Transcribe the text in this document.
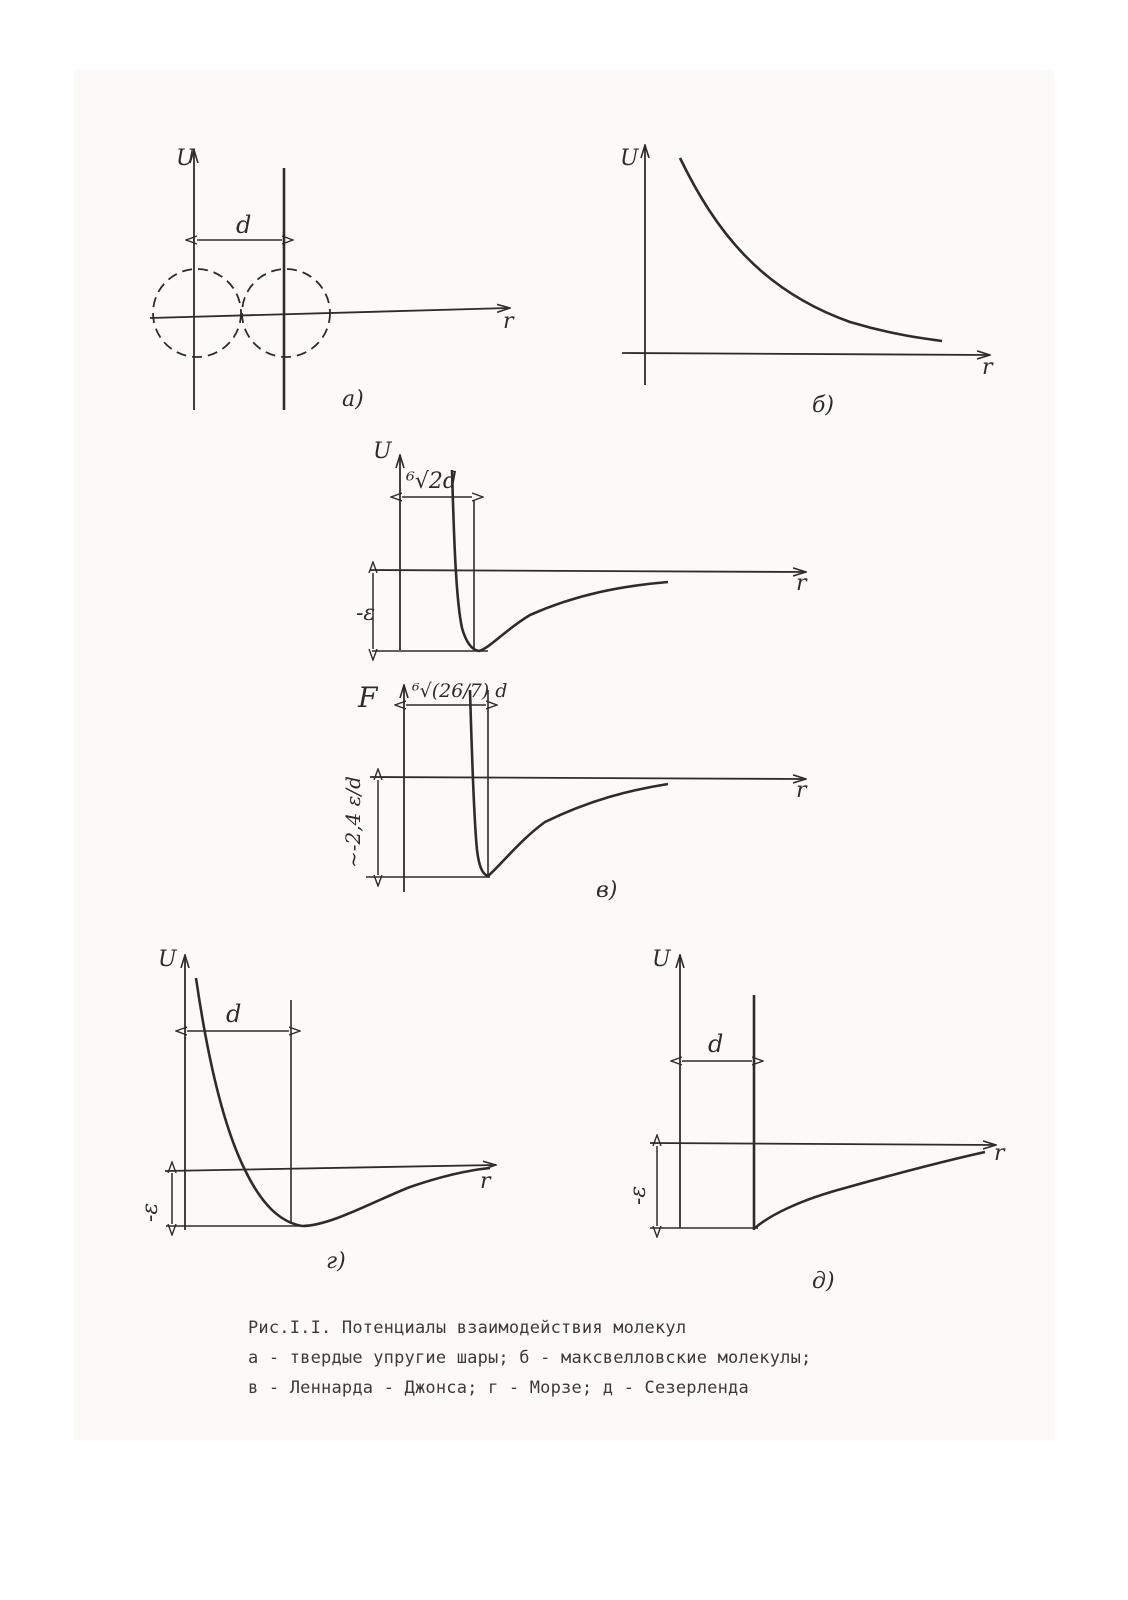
U
d
r
а)
U
r
б)
U
⁶√2d
-ε
r
F ⁶√(26/7) d
~-2,4 ε/d	r
в)
U
d
-ε
r
г)
U
d
-ε
r
д)
Рис.I.I. Потенциалы взаимодействия молекул
а - твердые упругие шары; б - максвелловские молекулы;
в - Леннарда - Джонса; г - Морзе; д - Сезерленда
